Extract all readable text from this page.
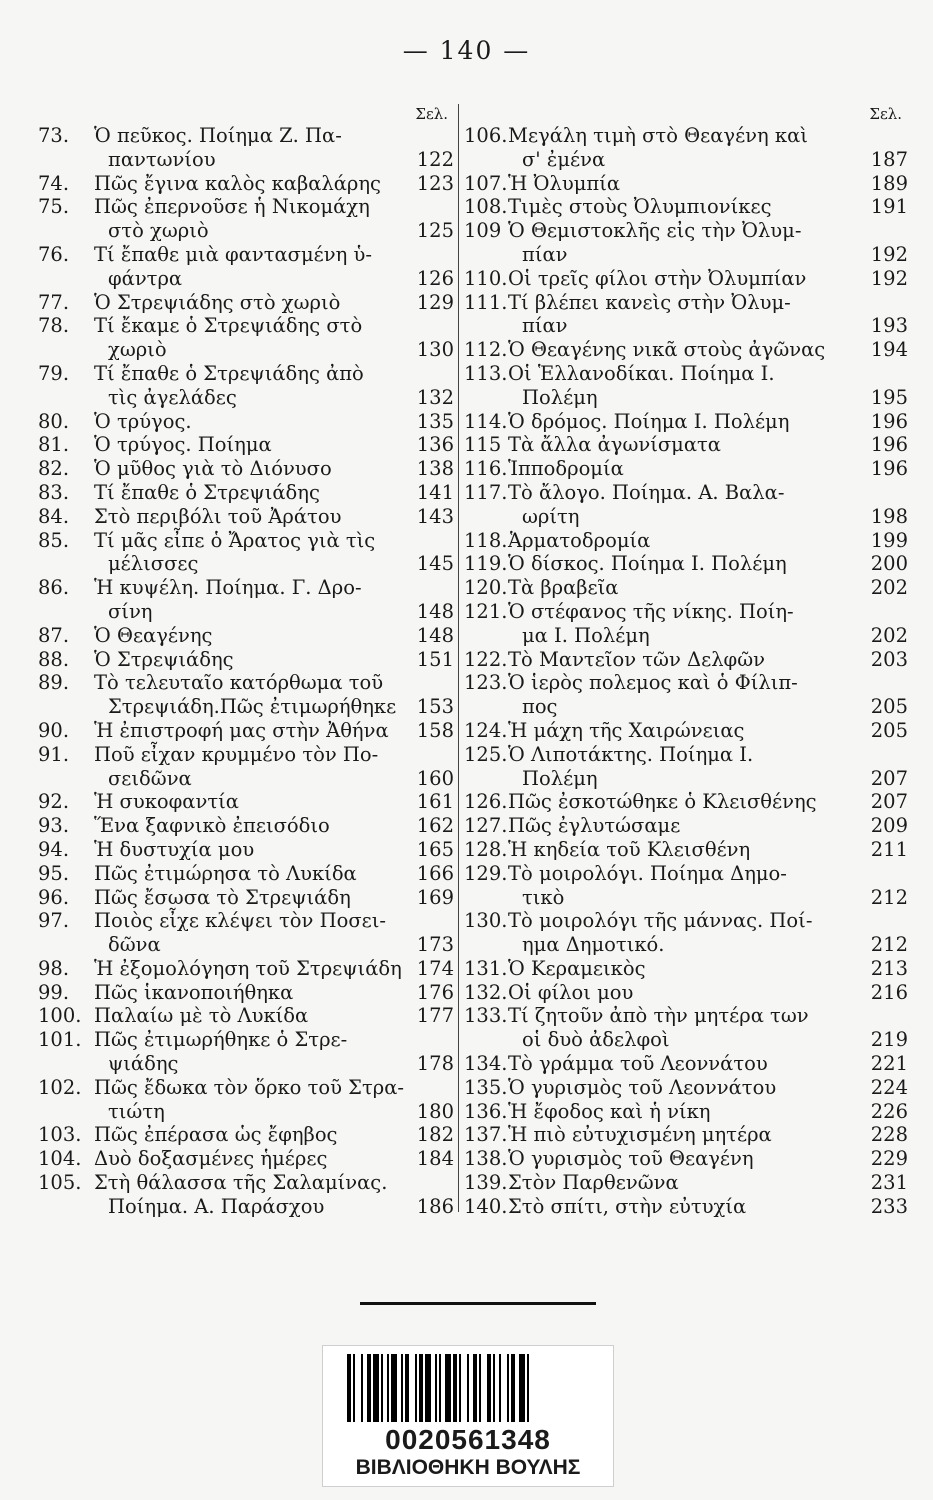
— 140 —
Σελ.
73.	Ὁ πεῦκος. Ποίημα Ζ. Πα-
παντωνίου	122
74.	Πῶς ἔγινα καλὸς καβαλάρης	123
75.	Πῶς ἐπερνοῦσε ἡ Νικομάχη
στὸ χωριὸ	125
76.	Τί ἔπαθε μιὰ φαντασμένη ὑ-
φάντρα	126
77.	Ὁ Στρεψιάδης στὸ χωριὸ	129
78.	Τί ἔκαμε ὁ Στρεψιάδης στὸ
χωριὸ	130
79.	Τί ἔπαθε ὁ Στρεψιάδης ἀπὸ
τὶς ἀγελάδες	132
80.	Ὁ τρύγος.	135
81.	Ὁ τρύγος. Ποίημα	136
82.	Ὁ μῦθος γιὰ τὸ Διόνυσο	138
83.	Τί ἔπαθε ὁ Στρεψιάδης	141
84.	Στὸ περιβόλι τοῦ Ἀράτου	143
85.	Τί μᾶς εἶπε ὁ Ἄρατος γιὰ τὶς
μέλισσες	145
86.	Ἡ κυψέλη. Ποίημα. Γ. Δρο-
σίνη	148
87.	Ὁ Θεαγένης	148
88.	Ὁ Στρεψιάδης	151
89.	Τὸ τελευταῖο κατόρθωμα τοῦ
Στρεψιάδη.Πῶς ἐτιμωρήθηκε	153
90.	Ἡ ἐπιστροφή μας στὴν Ἀθήνα	158
91.	Ποῦ εἶχαν κρυμμένο τὸν Πο-
σειδῶνα	160
92.	Ἡ συκοφαντία	161
93.	Ἕνα ξαφνικὸ ἐπεισόδιο	162
94.	Ἡ δυστυχία μου	165
95.	Πῶς ἐτιμώρησα τὸ Λυκίδα	166
96.	Πῶς ἔσωσα τὸ Στρεψιάδη	169
97.	Ποιὸς εἶχε κλέψει τὸν Ποσει-
δῶνα	173
98.	Ἡ ἐξομολόγηση τοῦ Στρεψιάδη 174
99.	Πῶς ἱκανοποιήθηκα	176
100. Παλαίω μὲ τὸ Λυκίδα	177
101. Πῶς ἐτιμωρήθηκε ὁ Στρε-
ψιάδης	178
102. Πῶς ἔδωκα τὸν ὅρκο τοῦ Στρα-
τιώτη	180
103. Πῶς ἐπέρασα ὡς ἔφηβος	182
104. Δυὸ δοξασμένες ἡμέρες	184
105. Στὴ θάλασσα τῆς Σαλαμίνας.
Ποίημα. Α. Παράσχου	186
Σελ.
106. Μεγάλη τιμὴ στὸ Θεαγένη καὶ
σ' ἐμένα	187
107. Ἡ Ὀλυμπία	189
108. Τιμὲς στοὺς Ὀλυμπιονίκες	191
109 Ὁ Θεμιστοκλῆς εἰς τὴν Ὀλυμ-
πίαν	192
110. Οἱ τρεῖς φίλοι στὴν Ὀλυμπίαν	192
111. Τί βλέπει κανεὶς στὴν Ὀλυμ-
πίαν	193
112. Ὁ Θεαγένης νικᾶ στοὺς ἀγῶνας	194
113. Οἱ Ἑλλανοδίκαι. Ποίημα Ι.
Πολέμη	195
114. Ὁ δρόμος. Ποίημα Ι. Πολέμη	196
115 Τὰ ἄλλα ἀγωνίσματα	196
116. Ἱπποδρομία	196
117. Τὸ ἄλογο. Ποίημα. Α. Βαλα-
ωρίτη	198
118. Ἁρματοδρομία	199
119. Ὁ δίσκος. Ποίημα Ι. Πολέμη	200
120. Τὰ βραβεῖα	202
121. Ὁ στέφανος τῆς νίκης. Ποίη-
μα Ι. Πολέμη	202
122. Τὸ Μαντεῖον τῶν Δελφῶν	203
123. Ὁ ἱερὸς πολεμος καὶ ὁ Φίλιπ-
πος	205
124. Ἡ μάχη τῆς Χαιρώνειας	205
125. Ὁ Λιποτάκτης. Ποίημα Ι.
Πολέμη	207
126. Πῶς ἐσκοτώθηκε ὁ Κλεισθένης	207
127. Πῶς ἐγλυτώσαμε	209
128. Ἡ κηδεία τοῦ Κλεισθένη	211
129. Τὸ μοιρολόγι. Ποίημα Δημο-
τικὸ	212
130. Τὸ μοιρολόγι τῆς μάννας. Ποί-
ημα Δημοτικό.	212
131. Ὁ Κεραμεικὸς	213
132. Οἱ φίλοι μου	216
133. Τί ζητοῦν ἀπὸ τὴν μητέρα των
οἱ δυὸ ἀδελφοὶ	219
134. Τὸ γράμμα τοῦ Λεοννάτου	221
135. Ὁ γυρισμὸς τοῦ Λεοννάτου	224
136. Ἡ ἔφοδος καὶ ἡ νίκη	226
137. Ἡ πιὸ εὐτυχισμένη μητέρα	228
138. Ὁ γυρισμὸς τοῦ Θεαγένη	229
139. Στὸν Παρθενῶνα	231
140. Στὸ σπίτι, στὴν εὐτυχία	233
0020561348
ΒΙΒΛΙΟΘΗΚΗ ΒΟΥΛΗΣ
